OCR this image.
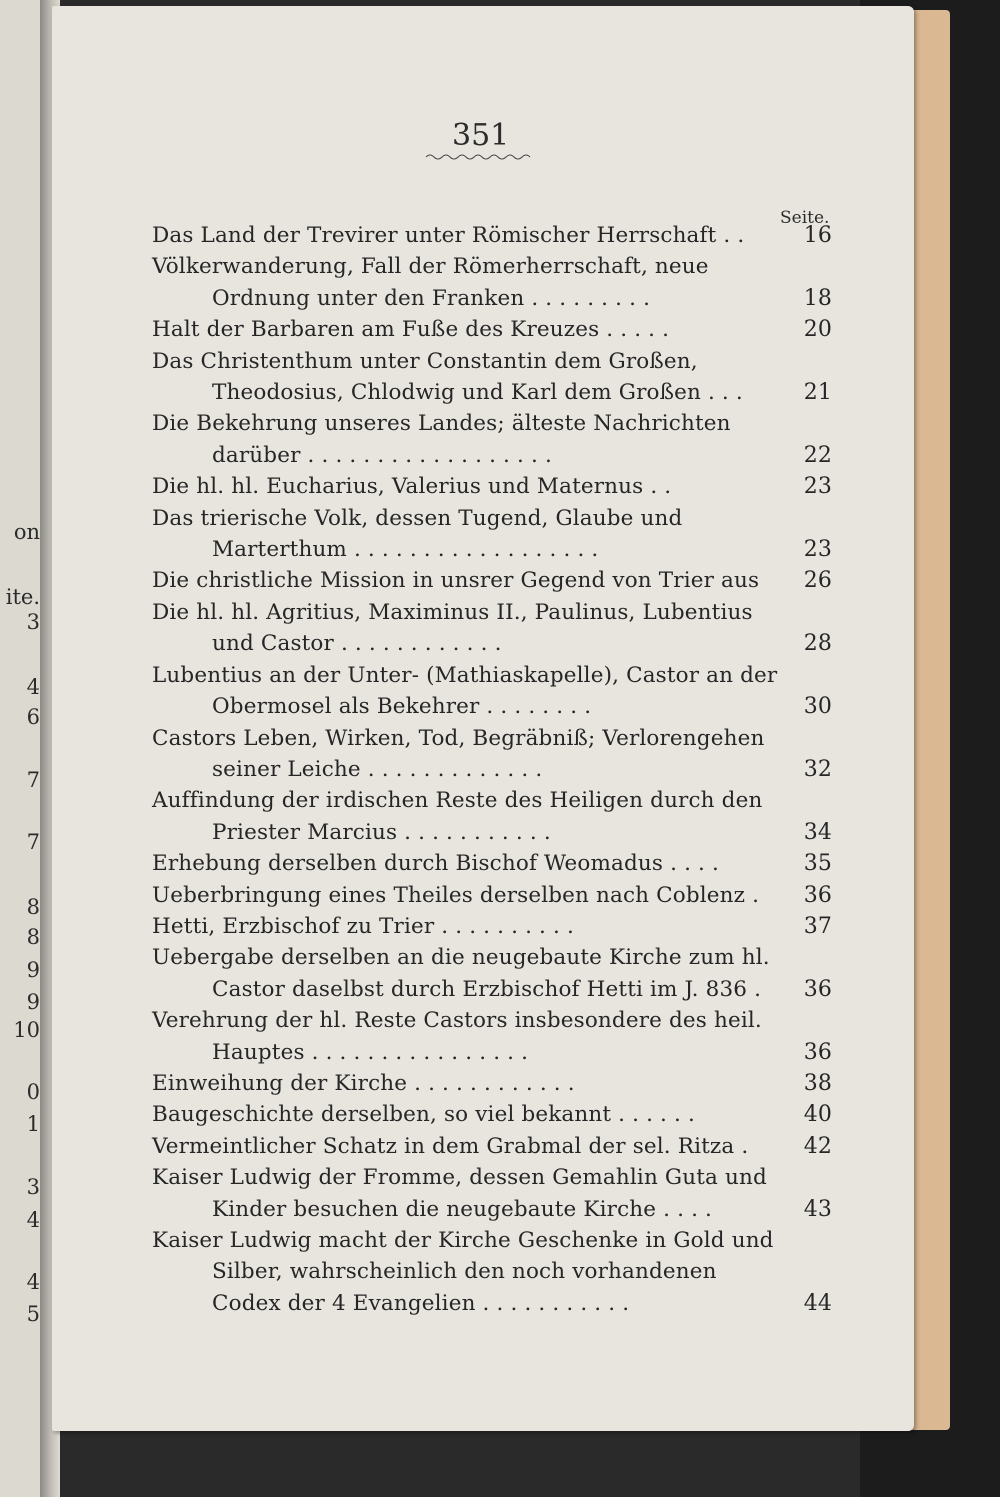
on
ite.
3
4
6
7
7
8
8
9
9
10
0
1
3
4
4
5
351
Seite.
Das Land der Trevirer unter Römischer Herrschaft . .	16
Völkerwanderung, Fall der Römerherrschaft, neue Ordnung unter den Franken . . . . . . . . .	18
Halt der Barbaren am Fuße des Kreuzes . . . . .	20
Das Christenthum unter Constantin dem Großen, Theodosius, Chlodwig und Karl dem Großen . . .	21
Die Bekehrung unseres Landes; älteste Nachrichten darüber . . . . . . . . . . . . . . . . . .	22
Die hl. hl. Eucharius, Valerius und Maternus . .	23
Das trierische Volk, dessen Tugend, Glaube und Marterthum . . . . . . . . . . . . . . . . . .	23
Die christliche Mission in unsrer Gegend von Trier aus 26
Die hl. hl. Agritius, Maximinus II., Paulinus, Lubentius und Castor . . . . . . . . . . . .	28
Lubentius an der Unter- (Mathiaskapelle), Castor an der Obermosel als Bekehrer . . . . . . . .	30
Castors Leben, Wirken, Tod, Begräbniß; Verlorengehen seiner Leiche . . . . . . . . . . . . .	32
Auffindung der irdischen Reste des Heiligen durch den Priester Marcius . . . . . . . . . . .	34
Erhebung derselben durch Bischof Weomadus . . . .	35
Ueberbringung eines Theiles derselben nach Coblenz . 36
Hetti, Erzbischof zu Trier . . . . . . . . . .	37
Uebergabe derselben an die neugebaute Kirche zum hl. Castor daselbst durch Erzbischof Hetti im J. 836 . 36
Verehrung der hl. Reste Castors insbesondere des heil. Hauptes . . . . . . . . . . . . . . . .	36
Einweihung der Kirche . . . . . . . . . . . .	38
Baugeschichte derselben, so viel bekannt . . . . . .	40
Vermeintlicher Schatz in dem Grabmal der sel. Ritza .	42
Kaiser Ludwig der Fromme, dessen Gemahlin Guta und Kinder besuchen die neugebaute Kirche . . . .	43
Kaiser Ludwig macht der Kirche Geschenke in Gold und Silber, wahrscheinlich den noch vorhandenen Codex der 4 Evangelien . . . . . . . . . . .	44
